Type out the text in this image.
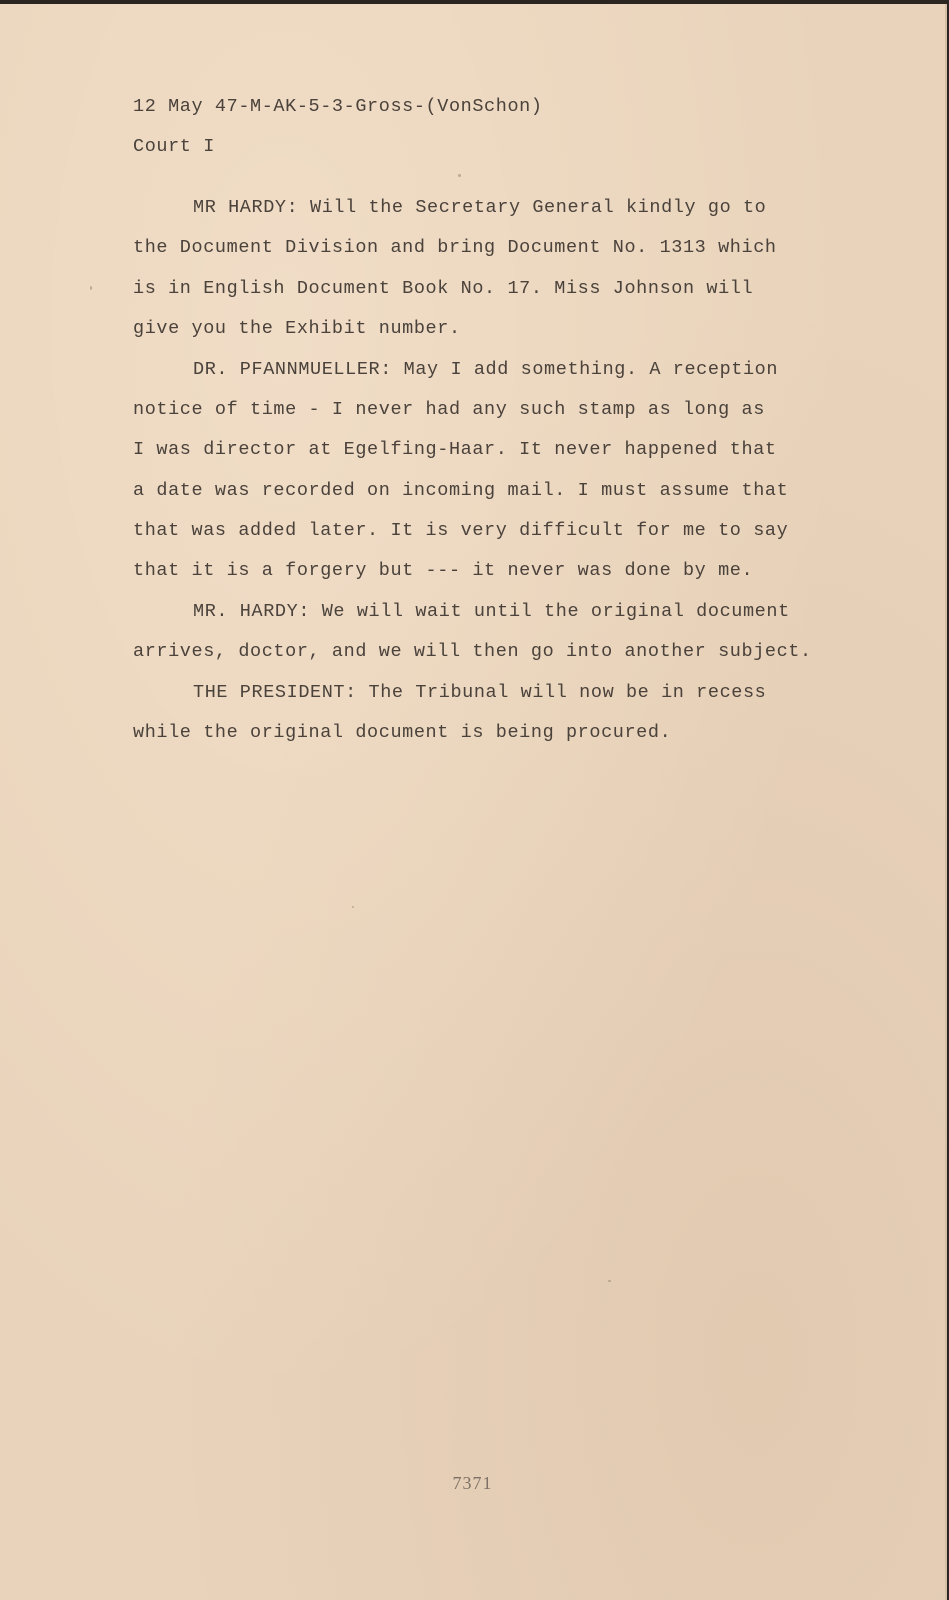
12 May 47-M-AK-5-3-Gross-(VonSchon)
Court I
MR HARDY: Will the Secretary General kindly go to
the Document Division and bring Document No. 1313 which
is in English Document Book No. 17. Miss Johnson will
give you the Exhibit number.
DR. PFANNMUELLER: May I add something. A reception
notice of time - I never had any such stamp as long as
I was director at Egelfing-Haar. It never happened that
a date was recorded on incoming mail. I must assume that
that was added later. It is very difficult for me to say
that it is a forgery but --- it never was done by me.
MR. HARDY: We will wait until the original document
arrives, doctor, and we will then go into another subject.
THE PRESIDENT: The Tribunal will now be in recess
while the original document is being procured.
7371
